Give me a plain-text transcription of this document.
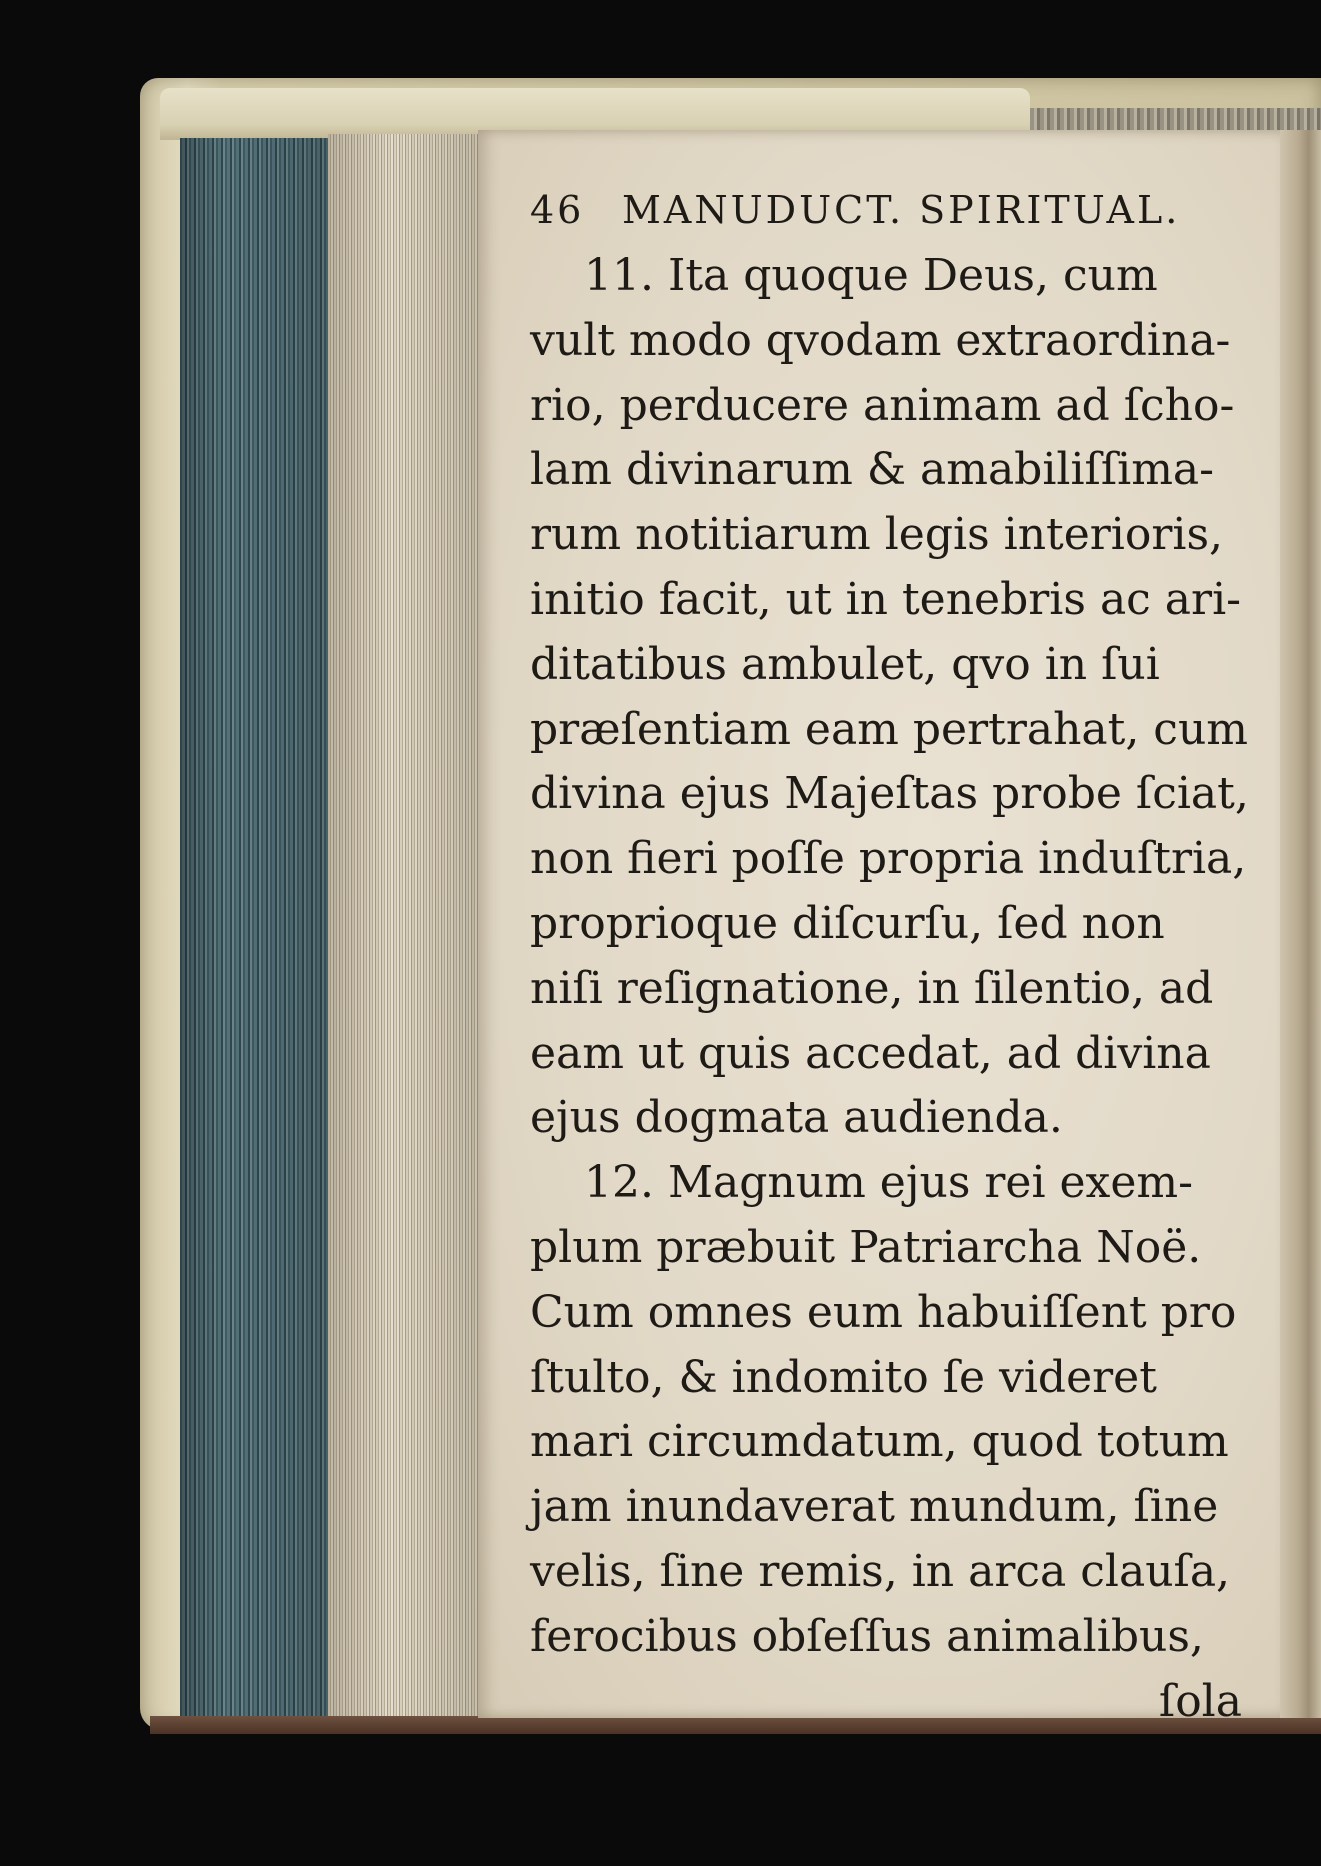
46 MANUDUCT. SPIRITUAL.
11. Ita quoque Deus, cum
vult modo qvodam extraordina-
rio, perducere animam ad ſcho-
lam divinarum & amabiliſſima-
rum notitiarum legis interioris,
initio facit, ut in tenebris ac ari-
ditatibus ambulet, qvo in ſui
præſentiam eam pertrahat, cum
divina ejus Majeſtas probe ſciat,
non fieri poſſe propria induſtria,
proprioque diſcurſu, ſed non
niſi reſignatione, in ſilentio, ad
eam ut quis accedat, ad divina
ejus dogmata audienda.
12. Magnum ejus rei exem-
plum præbuit Patriarcha Noë.
Cum omnes eum habuiſſent pro
ſtulto, & indomito ſe videret
mari circumdatum, quod totum
jam inundaverat mundum, ſine
velis, ſine remis, in arca clauſa,
ferocibus obſeſſus animalibus,
ſola
